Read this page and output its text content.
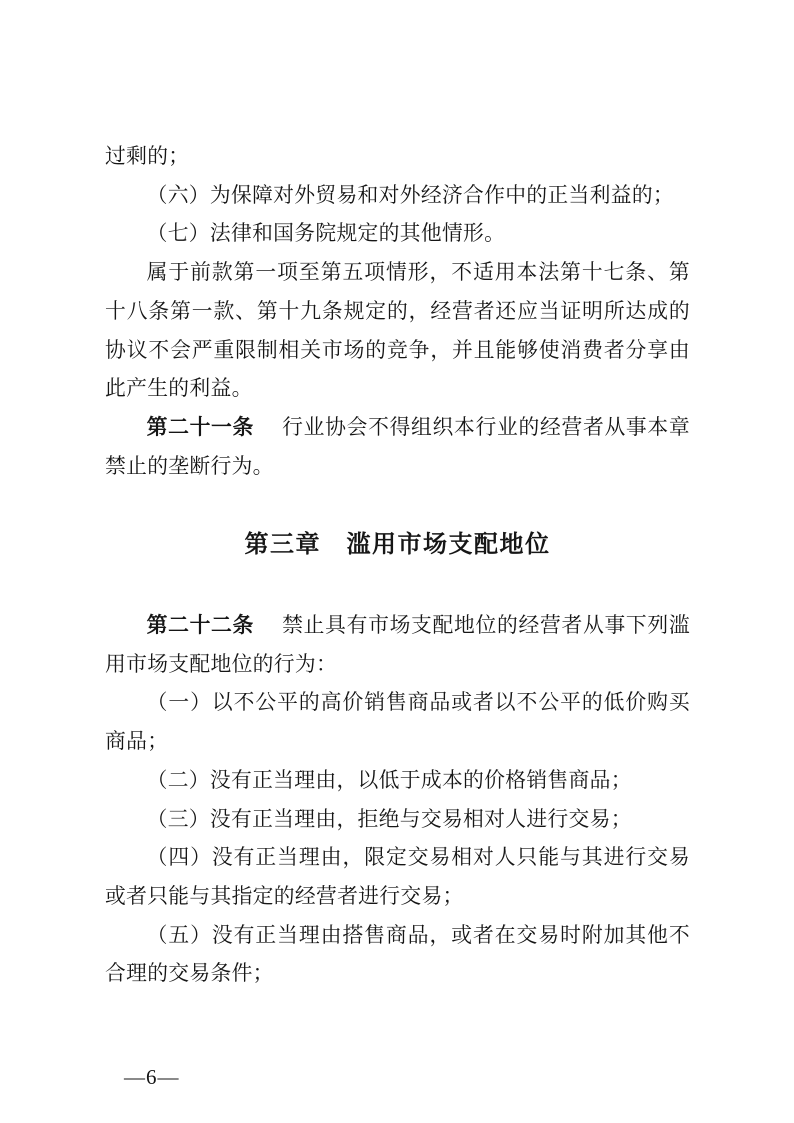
过剩的；

（六）为保障对外贸易和对外经济合作中的正当利益的；

（七）法律和国务院规定的其他情形。

属于前款第一项至第五项情形，不适用本法第十七条、第十八条第一款、第十九条规定的，经营者还应当证明所达成的协议不会严重限制相关市场的竞争，并且能够使消费者分享由此产生的利益。

第二十一条 行业协会不得组织本行业的经营者从事本章禁止的垄断行为。

第三章　滥用市场支配地位

第二十二条 禁止具有市场支配地位的经营者从事下列滥用市场支配地位的行为：

（一）以不公平的高价销售商品或者以不公平的低价购买商品；

（二）没有正当理由，以低于成本的价格销售商品；

（三）没有正当理由，拒绝与交易相对人进行交易；

（四）没有正当理由，限定交易相对人只能与其进行交易或者只能与其指定的经营者进行交易；

（五）没有正当理由搭售商品，或者在交易时附加其他不合理的交易条件；

—6—
